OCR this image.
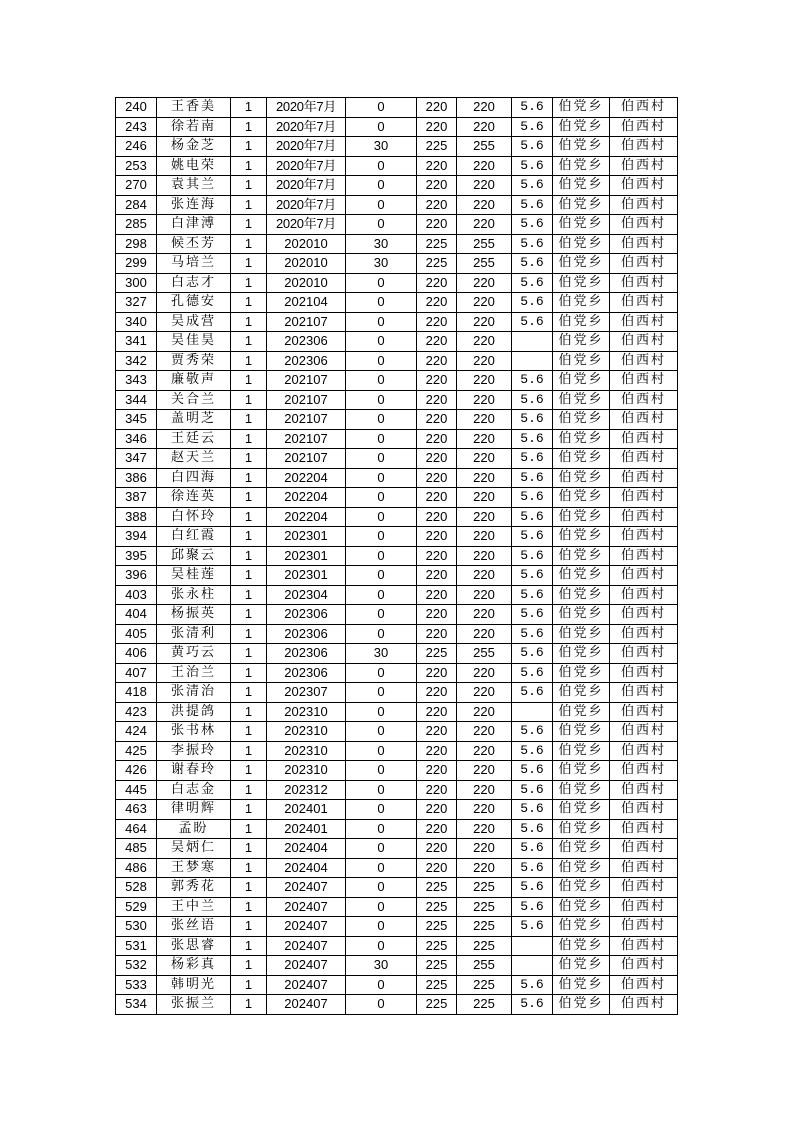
240	王香美	1	2020年7月	0	220	220	5.6	伯党乡	伯西村
243	徐若南	1	2020年7月	0	220	220	5.6	伯党乡	伯西村
246	杨金芝	1	2020年7月	30	225	255	5.6	伯党乡	伯西村
253	姚电荣	1	2020年7月	0	220	220	5.6	伯党乡	伯西村
270	袁其兰	1	2020年7月	0	220	220	5.6	伯党乡	伯西村
284	张连海	1	2020年7月	0	220	220	5.6	伯党乡	伯西村
285	白津溥	1	2020年7月	0	220	220	5.6	伯党乡	伯西村
298	候丕芳	1	202010	30	225	255	5.6	伯党乡	伯西村
299	马培兰	1	202010	30	225	255	5.6	伯党乡	伯西村
300	白志才	1	202010	0	220	220	5.6	伯党乡	伯西村
327	孔德安	1	202104	0	220	220	5.6	伯党乡	伯西村
340	吴成营	1	202107	0	220	220	5.6	伯党乡	伯西村
341	吴佳昊	1	202306	0	220	220		伯党乡	伯西村
342	贾秀荣	1	202306	0	220	220		伯党乡	伯西村
343	廉敬声	1	202107	0	220	220	5.6	伯党乡	伯西村
344	关合兰	1	202107	0	220	220	5.6	伯党乡	伯西村
345	盖明芝	1	202107	0	220	220	5.6	伯党乡	伯西村
346	王廷云	1	202107	0	220	220	5.6	伯党乡	伯西村
347	赵天兰	1	202107	0	220	220	5.6	伯党乡	伯西村
386	白四海	1	202204	0	220	220	5.6	伯党乡	伯西村
387	徐连英	1	202204	0	220	220	5.6	伯党乡	伯西村
388	白怀玲	1	202204	0	220	220	5.6	伯党乡	伯西村
394	白红霞	1	202301	0	220	220	5.6	伯党乡	伯西村
395	邱聚云	1	202301	0	220	220	5.6	伯党乡	伯西村
396	吴桂莲	1	202301	0	220	220	5.6	伯党乡	伯西村
403	张永柱	1	202304	0	220	220	5.6	伯党乡	伯西村
404	杨振英	1	202306	0	220	220	5.6	伯党乡	伯西村
405	张清利	1	202306	0	220	220	5.6	伯党乡	伯西村
406	黄巧云	1	202306	30	225	255	5.6	伯党乡	伯西村
407	王治兰	1	202306	0	220	220	5.6	伯党乡	伯西村
418	张清治	1	202307	0	220	220	5.6	伯党乡	伯西村
423	洪提鸽	1	202310	0	220	220		伯党乡	伯西村
424	张书林	1	202310	0	220	220	5.6	伯党乡	伯西村
425	李振玲	1	202310	0	220	220	5.6	伯党乡	伯西村
426	谢春玲	1	202310	0	220	220	5.6	伯党乡	伯西村
445	白志金	1	202312	0	220	220	5.6	伯党乡	伯西村
463	律明辉	1	202401	0	220	220	5.6	伯党乡	伯西村
464	孟盼	1	202401	0	220	220	5.6	伯党乡	伯西村
485	吴炳仁	1	202404	0	220	220	5.6	伯党乡	伯西村
486	王梦寒	1	202404	0	220	220	5.6	伯党乡	伯西村
528	郭秀花	1	202407	0	225	225	5.6	伯党乡	伯西村
529	王中兰	1	202407	0	225	225	5.6	伯党乡	伯西村
530	张丝语	1	202407	0	225	225	5.6	伯党乡	伯西村
531	张思睿	1	202407	0	225	225		伯党乡	伯西村
532	杨彩真	1	202407	30	225	255		伯党乡	伯西村
533	韩明光	1	202407	0	225	225	5.6	伯党乡	伯西村
534	张振兰	1	202407	0	225	225	5.6	伯党乡	伯西村
